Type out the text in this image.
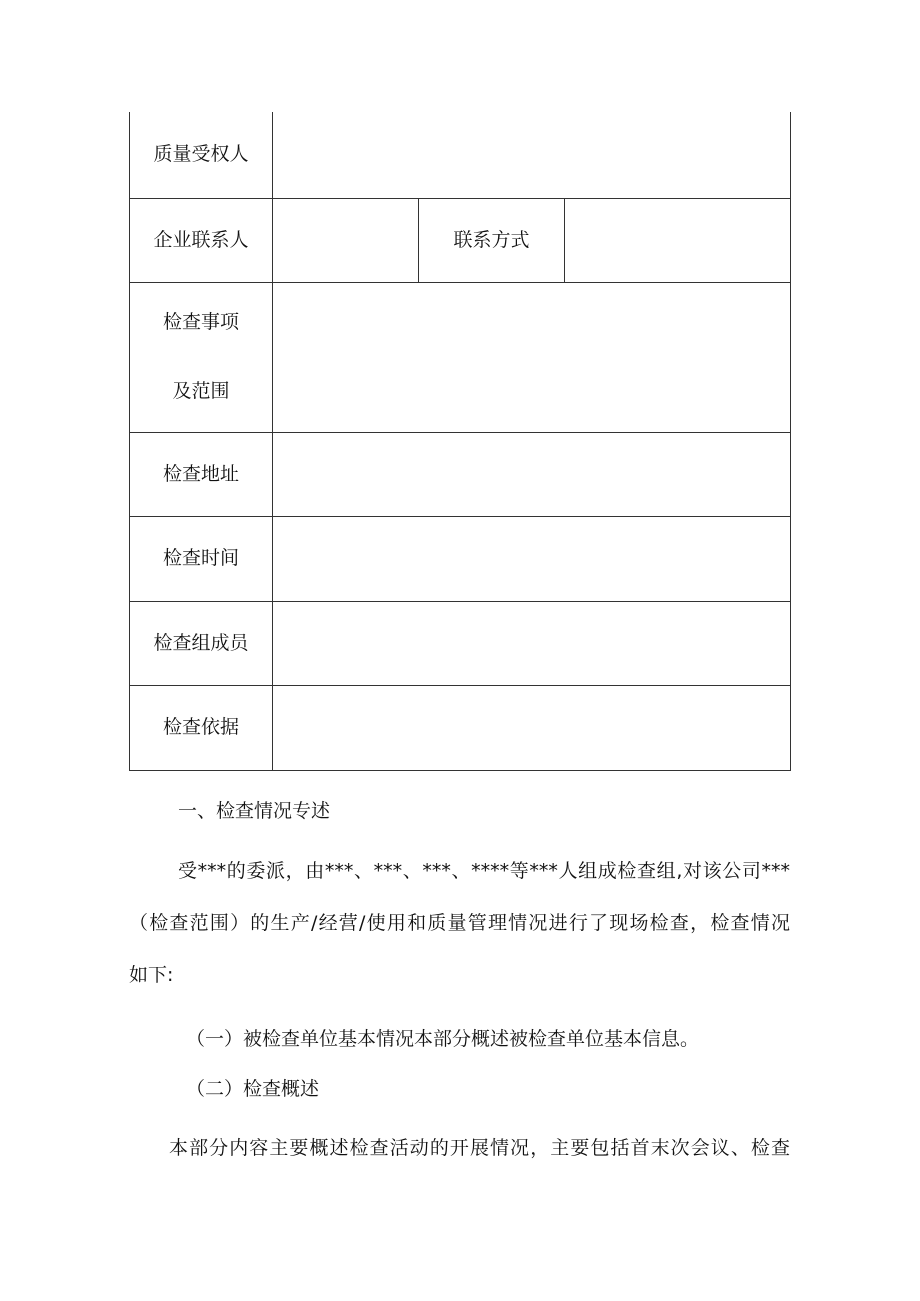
质量受权人			
企业联系人		联系方式	

检查事项
及范围			

检查地址			
检查时间			
检查组成员			
检查依据			

一、检查情况专述

受***的委派，由***、***、***、****等***人组成检查组,对该公司***
（检查范围）的生产/经营/使用和质量管理情况进行了现场检查，检查情况
如下:

（一）被检查单位基本情况本部分概述被检查单位基本信息。

（二）检查概述

本部分内容主要概述检查活动的开展情况，主要包括首末次会议、检查
